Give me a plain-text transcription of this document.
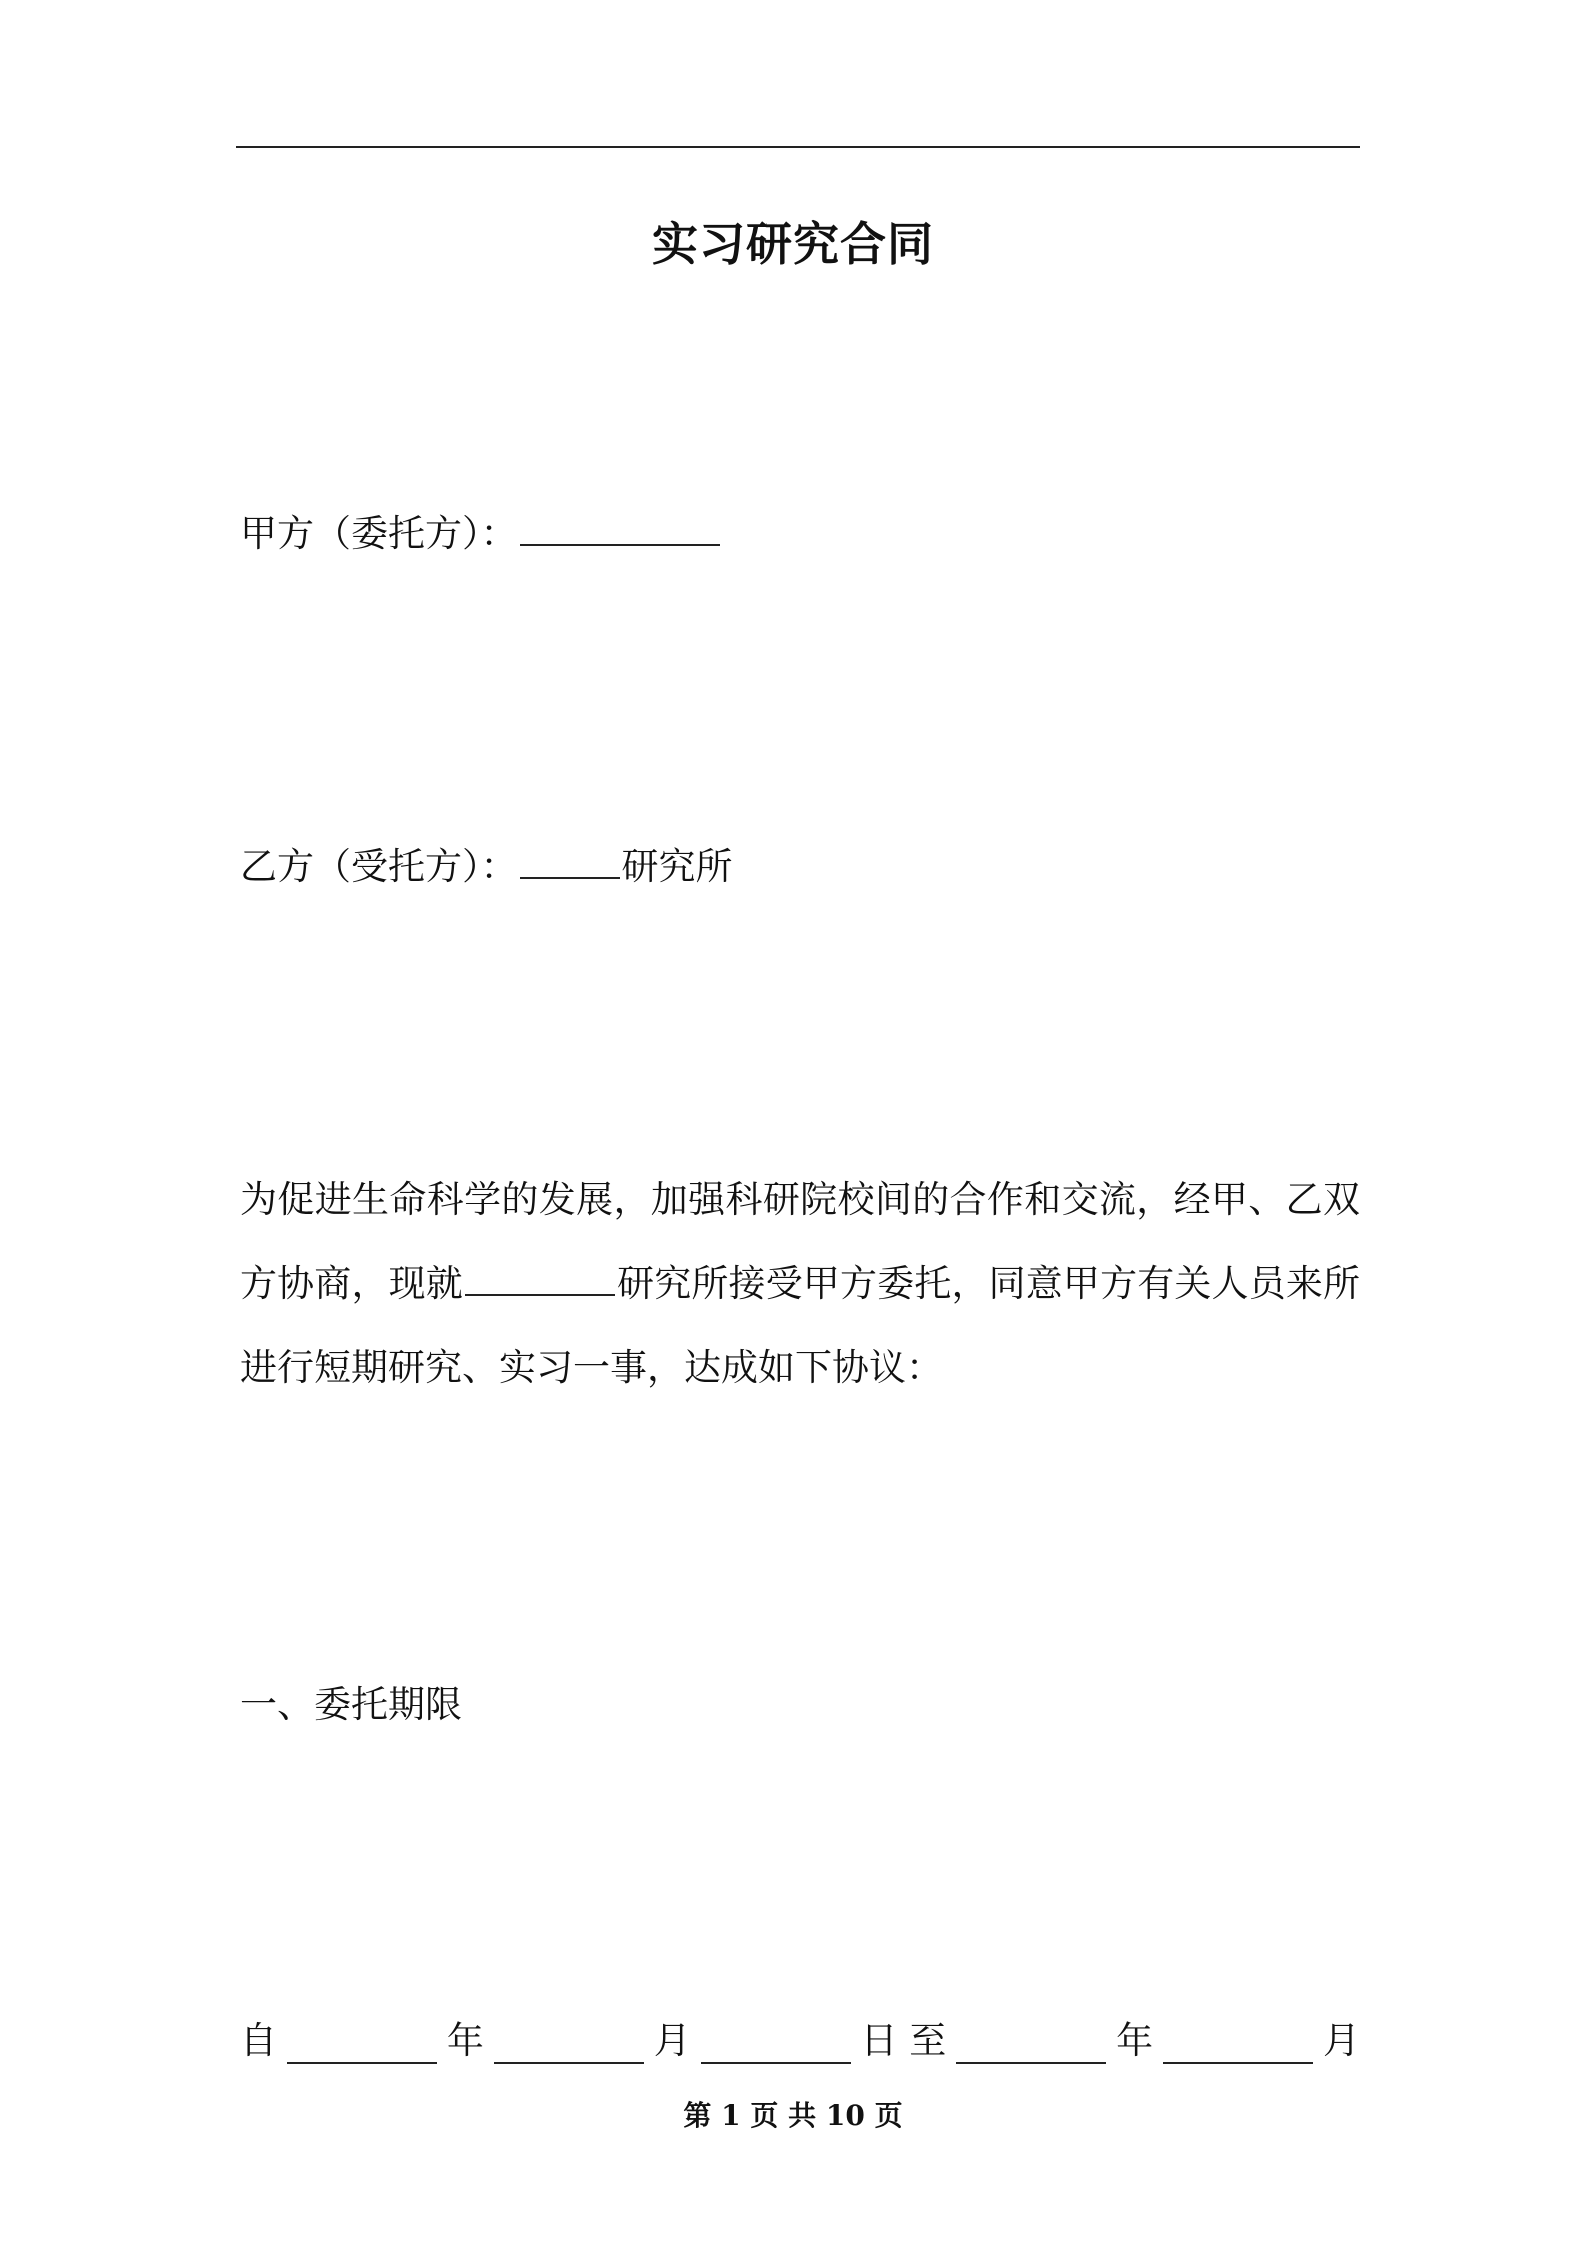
实习研究合同
甲方（委托方）：
乙方（受托方）：	研究所
为促进生命科学的发展，加强科研院校间的合作和交流，经甲、乙双方协商，现就	研究所接受甲方委托，同意甲方有关人员来所进行短期研究、实习一事，达成如下协议：
一、委托期限
自	年	月	日 至	年	月
第 1 页 共 10 页
